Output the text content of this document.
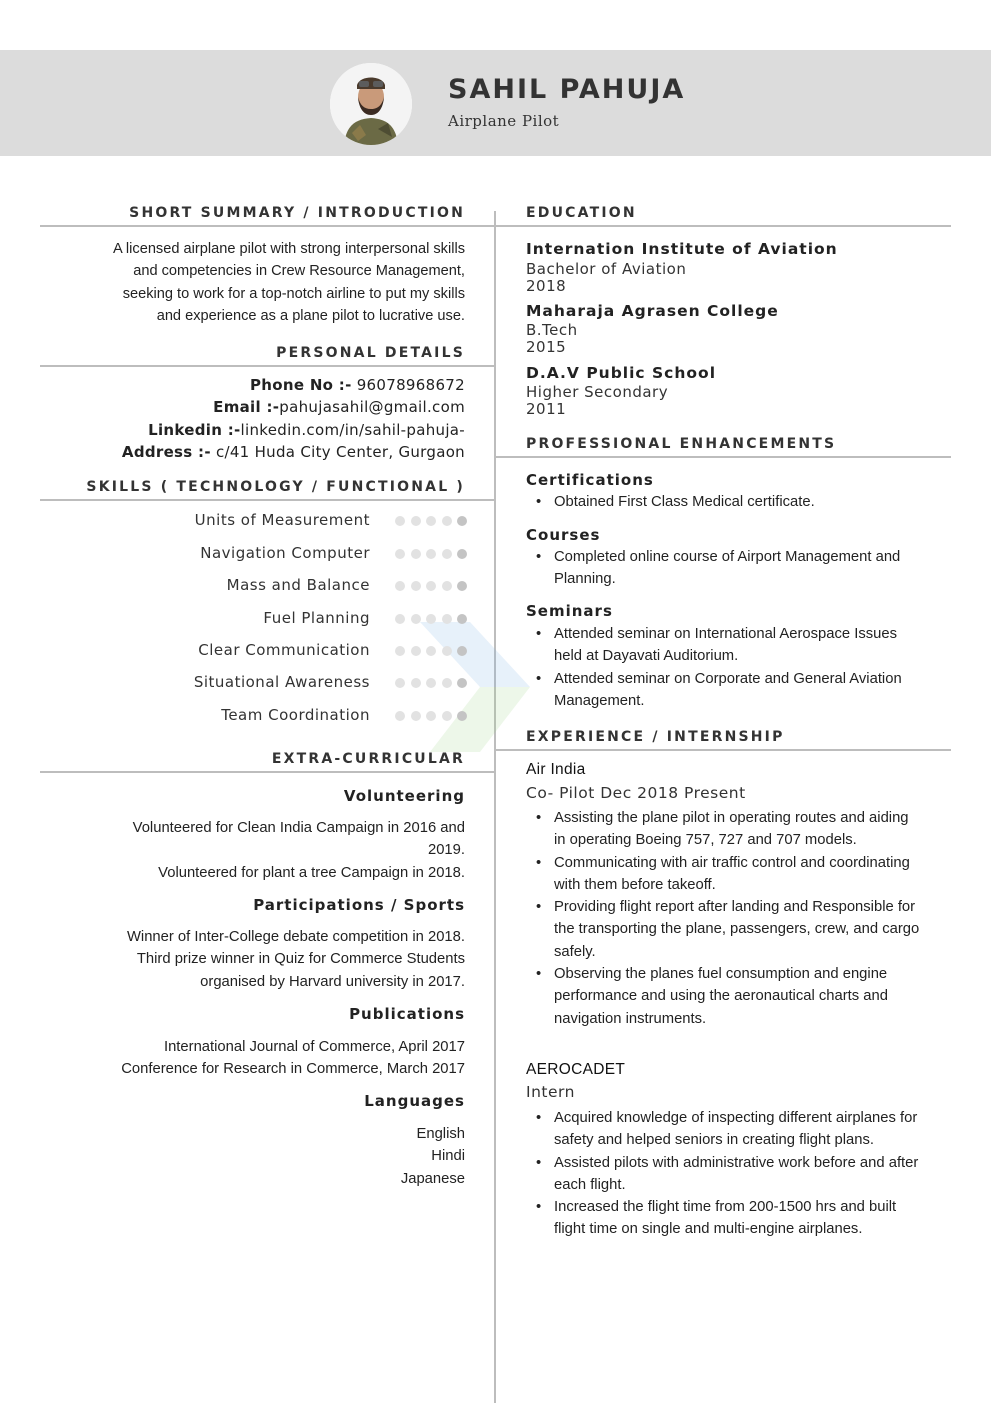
SAHIL PAHUJA
Airplane Pilot
SHORT SUMMARY / INTRODUCTION
A licensed airplane pilot with strong interpersonal skills
and competencies in Crew Resource Management,
seeking to work for a top-notch airline to put my skills
and experience as a plane pilot to lucrative use.
PERSONAL DETAILS
Phone No :- 96078968672
Email :-pahujasahil@gmail.com
Linkedin :-linkedin.com/in/sahil-pahuja-
Address :- c/41 Huda City Center, Gurgaon
SKILLS ( TECHNOLOGY / FUNCTIONAL )
Units of Measurement
Navigation Computer
Mass and Balance
Fuel Planning
Clear Communication
Situational Awareness
Team Coordination
EXTRA-CURRICULAR
Volunteering
Volunteered for Clean India Campaign in 2016 and
2019.
Volunteered for plant a tree Campaign in 2018.
Participations / Sports
Winner of Inter-College debate competition in 2018.
Third prize winner in Quiz for Commerce Students
organised by Harvard university in 2017.
Publications
International Journal of Commerce, April 2017
Conference for Research in Commerce, March 2017
Languages
English
Hindi
Japanese
EDUCATION
Internation Institute of Aviation
Bachelor of Aviation
2018
Maharaja Agrasen College
B.Tech
2015
D.A.V Public School
Higher Secondary
2011
PROFESSIONAL ENHANCEMENTS
Certifications
• Obtained First Class Medical certificate.
Courses
• Completed online course of Airport Management and Planning.
Seminars
• Attended seminar on International Aerospace Issues held at Dayavati Auditorium.
• Attended seminar on Corporate and General Aviation Management.
EXPERIENCE / INTERNSHIP
Air India
Co- Pilot Dec 2018 Present
• Assisting the plane pilot in operating routes and aiding in operating Boeing 757, 727 and 707 models.
• Communicating with air traffic control and coordinating with them before takeoff.
• Providing flight report after landing and Responsible for the transporting the plane, passengers, crew, and cargo safely.
• Observing the planes fuel consumption and engine performance and using the aeronautical charts and navigation instruments.
AEROCADET
Intern
• Acquired knowledge of inspecting different airplanes for safety and helped seniors in creating flight plans.
• Assisted pilots with administrative work before and after each flight.
• Increased the flight time from 200-1500 hrs and built flight time on single and multi-engine airplanes.
